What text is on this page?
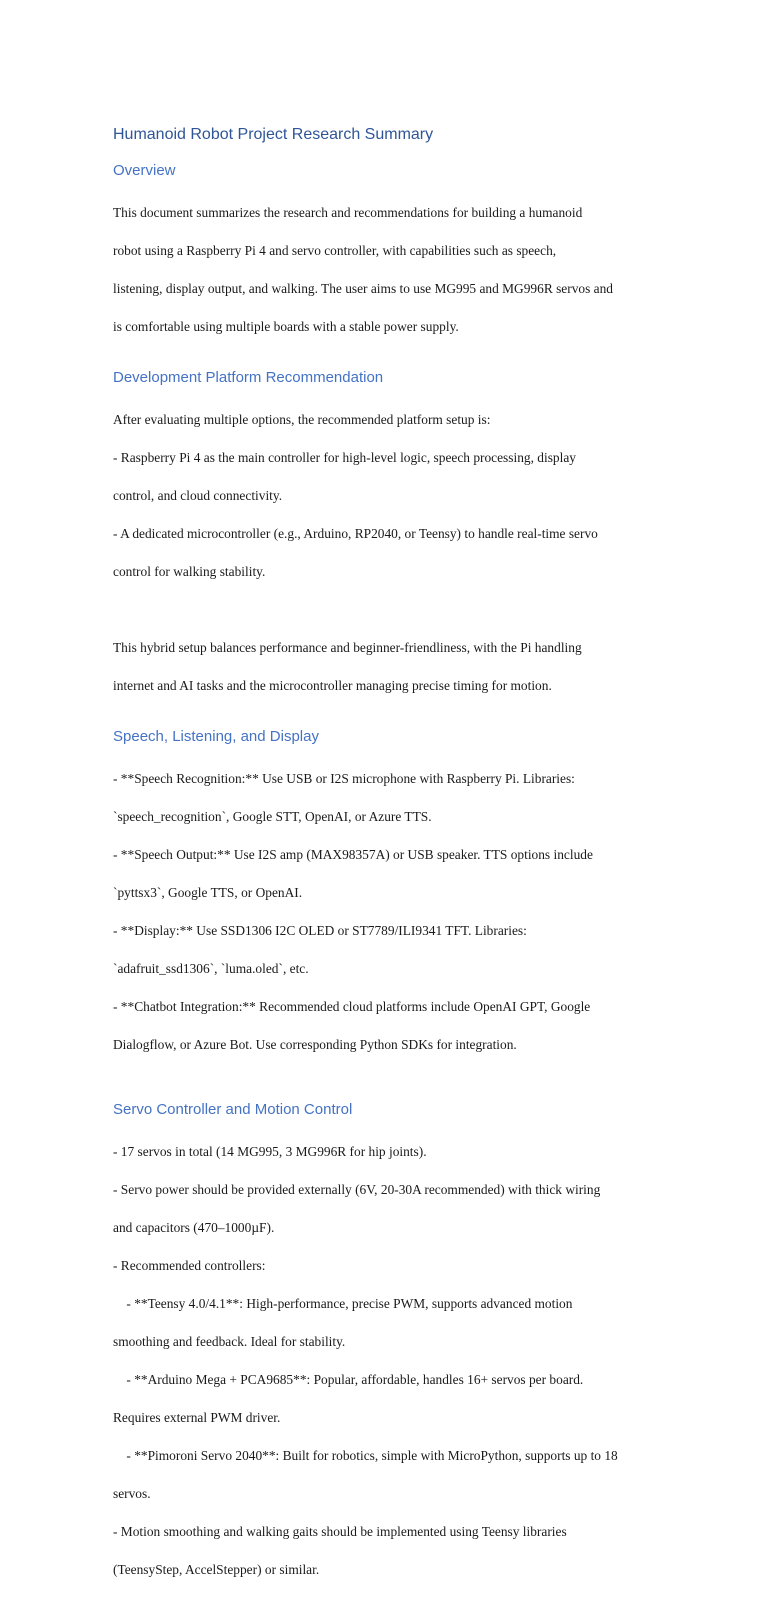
Humanoid Robot Project Research Summary
Overview

This document summarizes the research and recommendations for building a humanoid

robot using a Raspberry Pi 4 and servo controller, with capabilities such as speech,

listening, display output, and walking. The user aims to use MG995 and MG996R servos and

is comfortable using multiple boards with a stable power supply.

Development Platform Recommendation

After evaluating multiple options, the recommended platform setup is:

- Raspberry Pi 4 as the main controller for high-level logic, speech processing, display

control, and cloud connectivity.

- A dedicated microcontroller (e.g., Arduino, RP2040, or Teensy) to handle real-time servo

control for walking stability.

This hybrid setup balances performance and beginner-friendliness, with the Pi handling

internet and AI tasks and the microcontroller managing precise timing for motion.

Speech, Listening, and Display

- **Speech Recognition:** Use USB or I2S microphone with Raspberry Pi. Libraries:

`speech_recognition`, Google STT, OpenAI, or Azure TTS.

- **Speech Output:** Use I2S amp (MAX98357A) or USB speaker. TTS options include

`pyttsx3`, Google TTS, or OpenAI.

- **Display:** Use SSD1306 I2C OLED or ST7789/ILI9341 TFT. Libraries:

`adafruit_ssd1306`, `luma.oled`, etc.

- **Chatbot Integration:** Recommended cloud platforms include OpenAI GPT, Google

Dialogflow, or Azure Bot. Use corresponding Python SDKs for integration.

Servo Controller and Motion Control

- 17 servos in total (14 MG995, 3 MG996R for hip joints).

- Servo power should be provided externally (6V, 20-30A recommended) with thick wiring

and capacitors (470–1000µF).

- Recommended controllers:

- **Teensy 4.0/4.1**: High-performance, precise PWM, supports advanced motion

smoothing and feedback. Ideal for stability.

- **Arduino Mega + PCA9685**: Popular, affordable, handles 16+ servos per board.

Requires external PWM driver.

- **Pimoroni Servo 2040**: Built for robotics, simple with MicroPython, supports up to 18

servos.

- Motion smoothing and walking gaits should be implemented using Teensy libraries

(TeensyStep, AccelStepper) or similar.
